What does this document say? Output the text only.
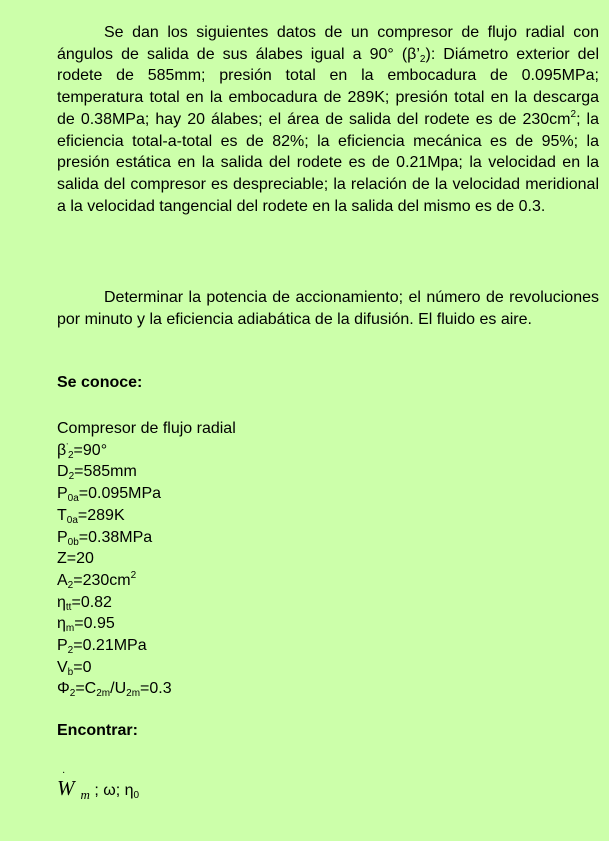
Se dan los siguientes datos de un compresor de flujo radial con ángulos de salida de sus álabes igual a 90° $(\beta’_2)$: Diámetro exterior del rodete de 585mm; presión total en la embocadura de 0.095MPa; temperatura total en la embocadura de 289K; presión total en la descarga de 0.38MPa; hay 20 álabes; el área de salida del rodete es de $230cm^2$; la eficiencia total-a-total es de 82%; la eficiencia mecánica es de 95%; la presión estática en la salida del rodete es de 0.21Mpa; la velocidad en la salida del compresor es despreciable; la relación de la velocidad meridional a la velocidad tangencial del rodete en la salida del mismo es de 0.3.

Determinar la potencia de accionamiento; el número de revoluciones por minuto y la eficiencia adiabática de la difusión. El fluido es aire.

Se conoce:
Compresor de flujo radial
$\beta_{^’2}=90^\circ$
$D_2=585mm$
$P_{0a}=0.095MPa$
$T_{0a}=289K$
$P_{0b}=0.38MPa$
Z=20
$A_2=230cm^2$
$\eta_{tt}=0.82$
$\eta_m=0.95$
$P_2=0.21MPa$
$V_b=0$
$\Phi_2=C_{2m}/U_{2m}=0.3$
Encontrar:
·
W m ; ω; $\eta_0$
